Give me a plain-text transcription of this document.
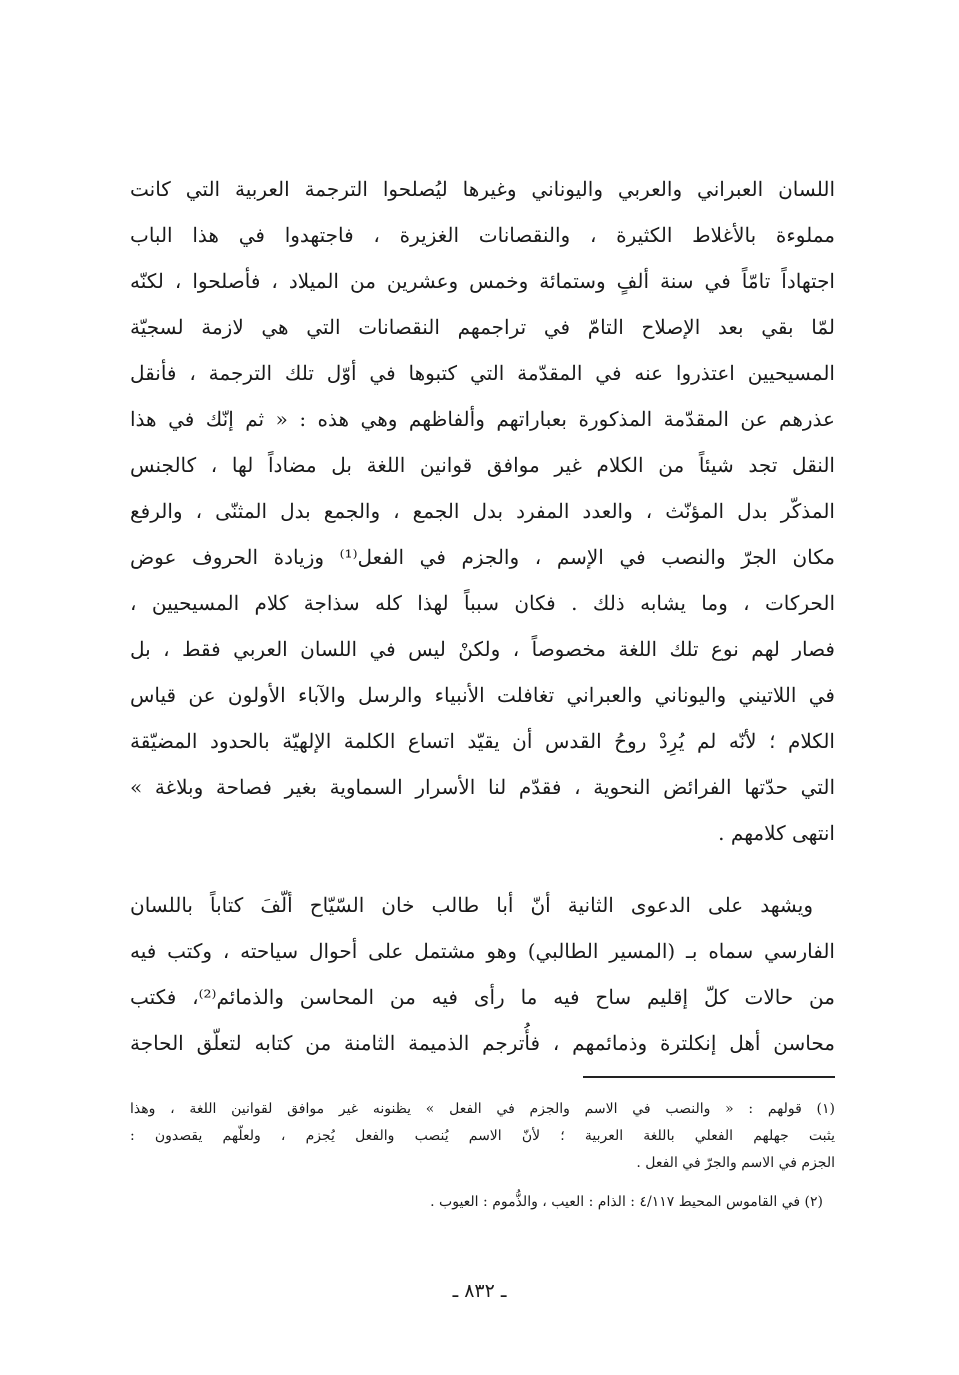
اللسان العبراني والعربي واليوناني وغيرها ليُصلحوا الترجمة العربية التي كانت
مملوءة بالأغلاط الكثيرة ، والنقصانات الغزيرة ، فاجتهدوا في هذا الباب
اجتهاداً تامّاً في سنة ألفٍ وستمائة وخمس وعشرين من الميلاد ، فأصلحوا ، لكنّه
لمّا بقي بعد الإصلاح التامّ في تراجمهم النقصانات التي هي لازمة لسجيّة
المسيحيين اعتذروا عنه في المقدّمة التي كتبوها في أوّل تلك الترجمة ، فأنقل
عذرهم عن المقدّمة المذكورة بعباراتهم وألفاظهم وهي هذه : « ثم إنّك في هذا
النقل تجد شيئاً من الكلام غير موافق قوانين اللغة بل مضاداً لها ، كالجنس
المذكّر بدل المؤنّث ، والعدد المفرد بدل الجمع ، والجمع بدل المثنّى ، والرفع
مكان الجرّ والنصب في الإسم ، والجزم في الفعل⁽¹⁾ وزيادة الحروف عوض
الحركات ، وما يشابه ذلك . فكان سبباً لهذا كله سذاجة كلام المسيحيين ،
فصار لهم نوع تلك اللغة مخصوصاً ، ولكنْ ليس في اللسان العربي فقط ، بل
في اللاتيني واليوناني والعبراني تغافلت الأنبياء والرسل والآباء الأولون عن قياس
الكلام ؛ لأنّه لم يُرِدْ روحُ القدس أن يقيّد اتساع الكلمة الإلهيّة بالحدود المضيّقة
التي حدّتها الفرائض النحوية ، فقدّم لنا الأسرار السماوية بغير فصاحة وبلاغة »
انتهى كلامهم .
ويشهد على الدعوى الثانية أنّ أبا طالب خان السّيّاح ألّفَ كتاباً باللسان
الفارسي سماه بـ (المسير الطالبي) وهو مشتمل على أحوال سياحته ، وكتب فيه
من حالات كلّ إقليم ساح فيه ما رأى فيه من المحاسن والذمائم⁽²⁾، فكتب
محاسن أهل إنكلترة وذمائمهم ، فأُترجم الذميمة الثامنة من كتابه لتعلّق الحاجة
(١) قولهم : « والنصب في الاسم والجزم في الفعل » يظنونه غير موافق لقوانين اللغة ، وهذا
يثبت جهلهم الفعلي باللغة العربية ؛ لأنّ الاسم يُنصب والفعل يُجزم ، ولعلّهم يقصدون :
الجزم في الاسم والجرّ في الفعل .
(٢) في القاموس المحيط ٤/١١٧ : الذام : العيب ، والذُّموم : العيوب .
ـ ٨٣٢ ـ
